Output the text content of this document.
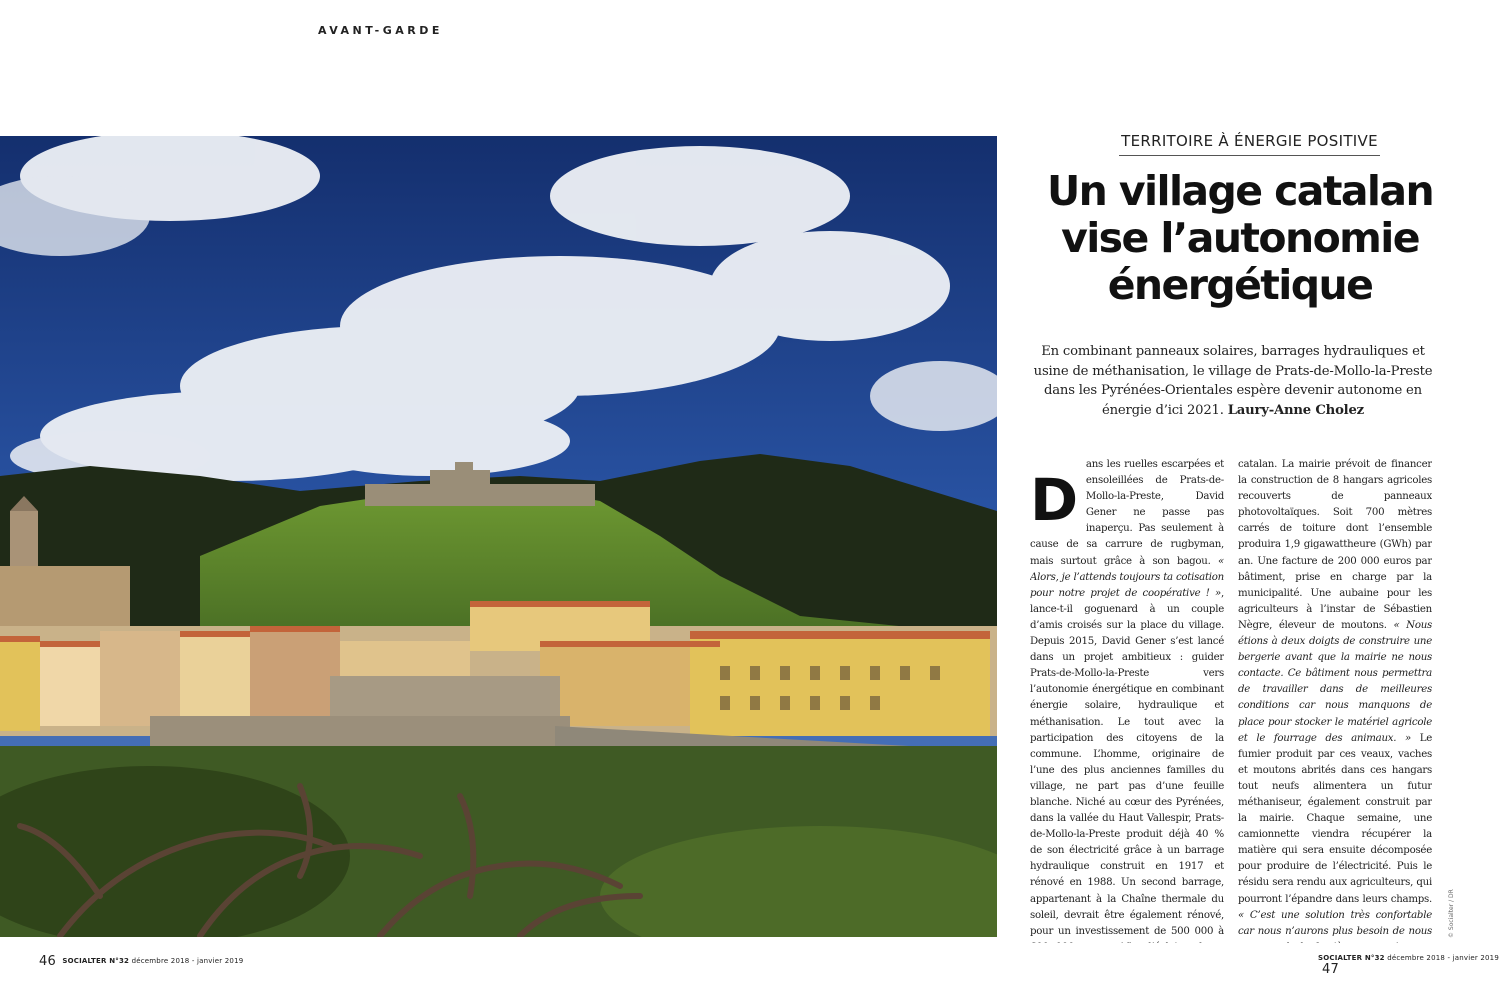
AVANT-GARDE
TERRITOIRE À ÉNERGIE POSITIVE
Un village catalan
vise l’autonomie
énergétique

En combinant panneaux solaires, barrages hydrauliques et usine de méthanisation, le village de Prats-de-Mollo-la-Preste dans les Pyrénées-Orientales espère devenir autonome en énergie d’ici 2021. Laury-Anne Cholez

D
ans les ruelles escarpées et ensoleillées de Prats-de-Mollo-la-Preste, David Gener ne passe pas inaperçu. Pas seulement à cause de sa carrure de rugbyman, mais surtout grâce à son bagou. « Alors, je l’attends toujours ta cotisation pour notre projet de coopérative ! », lance-t-il goguenard à un couple d’amis croisés sur la place du village. Depuis 2015, David Gener s’est lancé dans un projet ambitieux : guider Prats-de-Mollo-la-Preste vers l’autonomie énergétique en combinant énergie solaire, hydraulique et méthanisation. Le tout avec la participation des citoyens de la commune. L’homme, originaire de l’une des plus anciennes familles du village, ne part pas d’une feuille blanche. Niché au cœur des Pyrénées, dans la vallée du Haut Vallespir, Prats-de-Mollo-la-Preste produit déjà 40 % de son électricité grâce à un barrage hydraulique construit en 1917 et rénové en 1988. Un second barrage, appartenant à la Chaîne thermale du soleil, devrait être également rénové, pour un investissement de 500 000 à

catalan. La mairie prévoit de financer la construction de 8 hangars agricoles recouverts de panneaux photovoltaïques. Soit 700 mètres carrés de toiture dont l’ensemble produira 1,9 gigawattheure (GWh) par an. Une facture de 200 000 euros par bâtiment, prise en charge par la municipalité. Une aubaine pour les agriculteurs à l’instar de Sébastien Nègre, éleveur de moutons. « Nous étions à deux doigts de construire une bergerie avant que la mairie ne nous contacte. Ce bâtiment nous permettra de travailler dans de meilleures conditions car nous manquons de place pour stocker le matériel agricole et le fourrage des animaux. » Le fumier produit par ces veaux, vaches et moutons abrités dans ces hangars tout neufs alimentera un futur méthaniseur, également construit par la mairie. Chaque semaine, une camionnette viendra récupérer la matière qui sera ensuite décomposée pour produire de l’électricité. Puis le résidu sera rendu aux agriculteurs, qui pourront l’épandre dans leurs champs. « C’est une solution très confortable car nous n’aurons plus besoin de nous

46 SOCIALTER N°32 décembre 2018 - janvier 2019	SOCIALTER N°32 décembre 2018 - janvier 2019 47
© Socialter / DR
